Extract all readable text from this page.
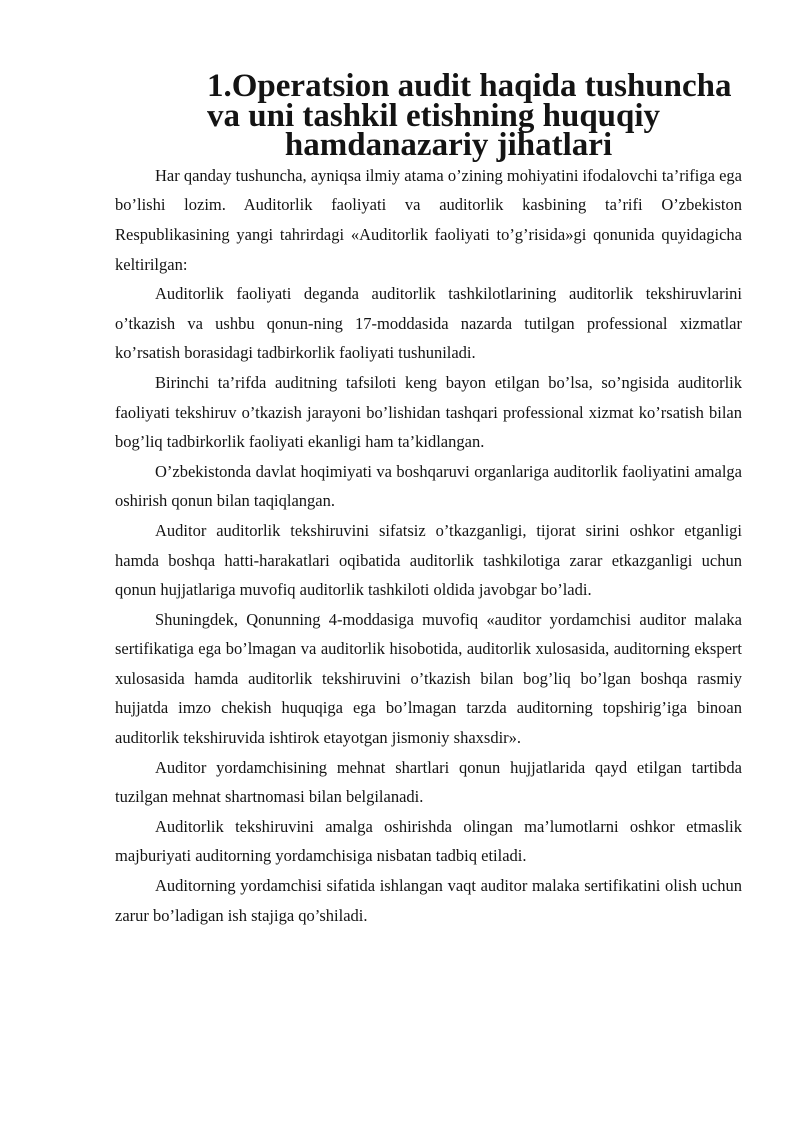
1.Operatsion audit haqida tushuncha va uni tashkil etishning huquqiy
hamdanazariy jihatlari

Har qanday tushuncha, ayniqsa ilmiy atama o’zining mohiyatini ifodalovchi ta’rifiga ega bo’lishi lozim. Auditorlik faoliyati va auditorlik kasbining ta’rifi O’zbekiston Respublikasining yangi tahrirdagi «Auditorlik faoliyati to’g’risida»gi qonunida quyidagicha keltirilgan:

Auditorlik faoliyati deganda auditorlik tashkilotlarining auditorlik tekshiruvlarini o’tkazish va ushbu qonun-ning 17-moddasida nazarda tutilgan professional xizmatlar ko’rsatish borasidagi tadbirkorlik faoliyati tushuniladi.

Birinchi ta’rifda auditning tafsiloti keng bayon etilgan bo’lsa, so’ngisida auditorlik faoliyati tekshiruv o’tkazish jarayoni bo’lishidan tashqari professional xizmat ko’rsatish bilan bog’liq tadbirkorlik faoliyati ekanligi ham ta’kidlangan.

O’zbekistonda davlat hoqimiyati va boshqaruvi organlariga auditorlik faoliyatini amalga oshirish qonun bilan taqiqlangan.

Auditor auditorlik tekshiruvini sifatsiz o’tkazganligi, tijorat sirini oshkor etganligi hamda boshqa hatti-harakatlari oqibatida auditorlik tashkilotiga zarar etkazganligi uchun qonun hujjatlariga muvofiq auditorlik tashkiloti oldida javobgar bo’ladi.

Shuningdek, Qonunning 4-moddasiga muvofiq «auditor yordamchisi auditor malaka sertifikatiga ega bo’lmagan va auditorlik hisobotida, auditorlik xulosasida, auditorning ekspert xulosasida hamda auditorlik tekshiruvini o’tkazish bilan bog’liq bo’lgan boshqa rasmiy hujjatda imzo chekish huquqiga ega bo’lmagan tarzda auditorning topshirig’iga binoan auditorlik tekshiruvida ishtirok etayotgan jismoniy shaxsdir».

Auditor yordamchisining mehnat shartlari qonun hujjatlarida qayd etilgan tartibda tuzilgan mehnat shartnomasi bilan belgilanadi.

Auditorlik tekshiruvini amalga oshirishda olingan ma’lumotlarni oshkor etmaslik majburiyati auditorning yordamchisiga nisbatan tadbiq etiladi.

Auditorning yordamchisi sifatida ishlangan vaqt auditor malaka sertifikatini olish uchun zarur bo’ladigan ish stajiga qo’shiladi.
